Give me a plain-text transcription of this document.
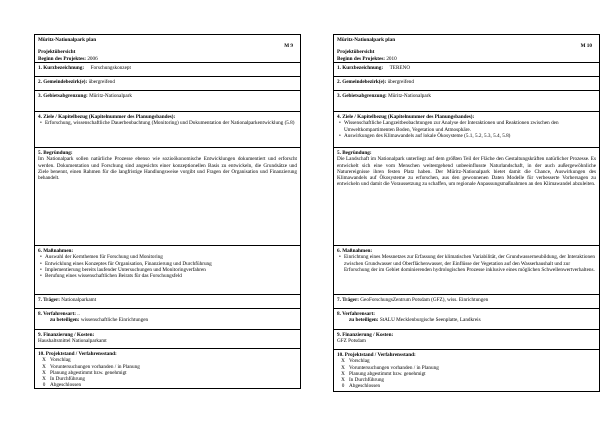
Müritz-Nationalpark plan
M 9
Projektübersicht
Beginn des Projektes: 2006
1. Kurzbezeichnung: Forschungskonzept
2. Gemeindebezirk(e): übergreifend
3. Gebietsabgrenzung: Müritz-Nationalpark
4. Ziele / Kapitelbezug (Kapitelnummer des Planungsbandes):
• Erforschung, wissenschaftliche Dauerbeobachtung (Monitoring) und Dokumentation der Nationalparkentwicklung (5.8)
5. Begründung:
Im Nationalpark sollen natürliche Prozesse ebenso wie sozioökonomische Entwicklungen dokumentiert und erforscht werden. Dokumentation und Forschung sind angesichts einer konzeptionellen Basis zu entwickeln, die Grundsätze und Ziele benennt, einen Rahmen für die langfristige Handlungsweise vorgibt und Fragen der Organisation und Finanzierung behandelt.
6. Maßnahmen:
• Auswahl der Kernthemen für Forschung und Monitoring
• Entwicklung eines Konzeptes für Organisation, Finanzierung und Durchführung
• Implementierung bereits laufender Untersuchungen und Monitoringverfahren
• Berufung eines wissenschaftlichen Beirats für das Forschungsfeld
7. Träger: Nationalparkamt
8. Verfahrensart: ..
zu beteiligen: wissenschaftliche Einrichtungen
9. Finanzierung / Kosten:
Haushaltsmittel Nationalparkamt
10. Projektstand / Verfahrensstand:
X Vorschlag
X Voruntersuchungen vorhanden / in Planung
X Planung abgestimmt bzw. genehmigt
X In Durchführung
0 Abgeschlossen
Müritz-Nationalpark plan
M 10
Projektübersicht
Beginn des Projektes: 2010
1. Kurzbezeichnung: TERENO
2. Gemeindebezirk(e): übergreifend
3. Gebietsabgrenzung: Müritz-Nationalpark
4. Ziele / Kapitelbezug (Kapitelnummer des Planungsbandes):
• Wissenschaftliche Langzeitbeobachtungen zur Analyse der Interaktionen und Reaktionen zwischen den Umweltkompartimenten Boden, Vegetation und Atmosphäre.
• Auswirkungen des Klimawandels auf lokale Ökosysteme (5.1, 5.2, 5.3, 5.4, 5.8)
5. Begründung:
Die Landschaft im Nationalpark unterliegt auf dem größten Teil der Fläche den Gestaltungskräften natürlicher Prozesse. Es entwickelt sich eine vom Menschen weitestgehend unbeeinflusste Naturlandschaft, in der auch außergewöhnliche Naturereignisse ihren festen Platz haben. Der Müritz-Nationalpark bietet damit die Chance, Auswirkungen des Klimawandels auf Ökosysteme zu erforschen, aus den gewonnenen Daten Modelle für verbesserte Vorhersagen zu entwickeln und damit die Voraussetzung zu schaffen, um regionale Anpassungsmaßnahmen an den Klimawandel abzuleiten.
6. Maßnahmen:
• Einrichtung eines Messnetzes zur Erfassung der klimatischen Variabilität, der Grundwasserneubildung, der Interaktionen zwischen Grundwasser und Oberflächenwasser, der Einflüsse der Vegetation auf den Wasserhaushalt und zur Erforschung der im Gebiet dominierenden hydrologischen Prozesse inklusive eines möglichen Schwellenwertverhaltens.
7. Träger: GeoForschungsZentrum Potsdam (GFZ), wiss. Einrichtungen
8. Verfahrensart:
zu beteiligen: StALU Mecklenburgische Seenplatte, Landkreis
9. Finanzierung / Kosten:
GFZ Potsdam
10. Projektstand / Verfahrensstand:
X Vorschlag
X Voruntersuchungen vorhanden / in Planung
X Planung abgestimmt bzw. genehmigt
X In Durchführung
0 Abgeschlossen
